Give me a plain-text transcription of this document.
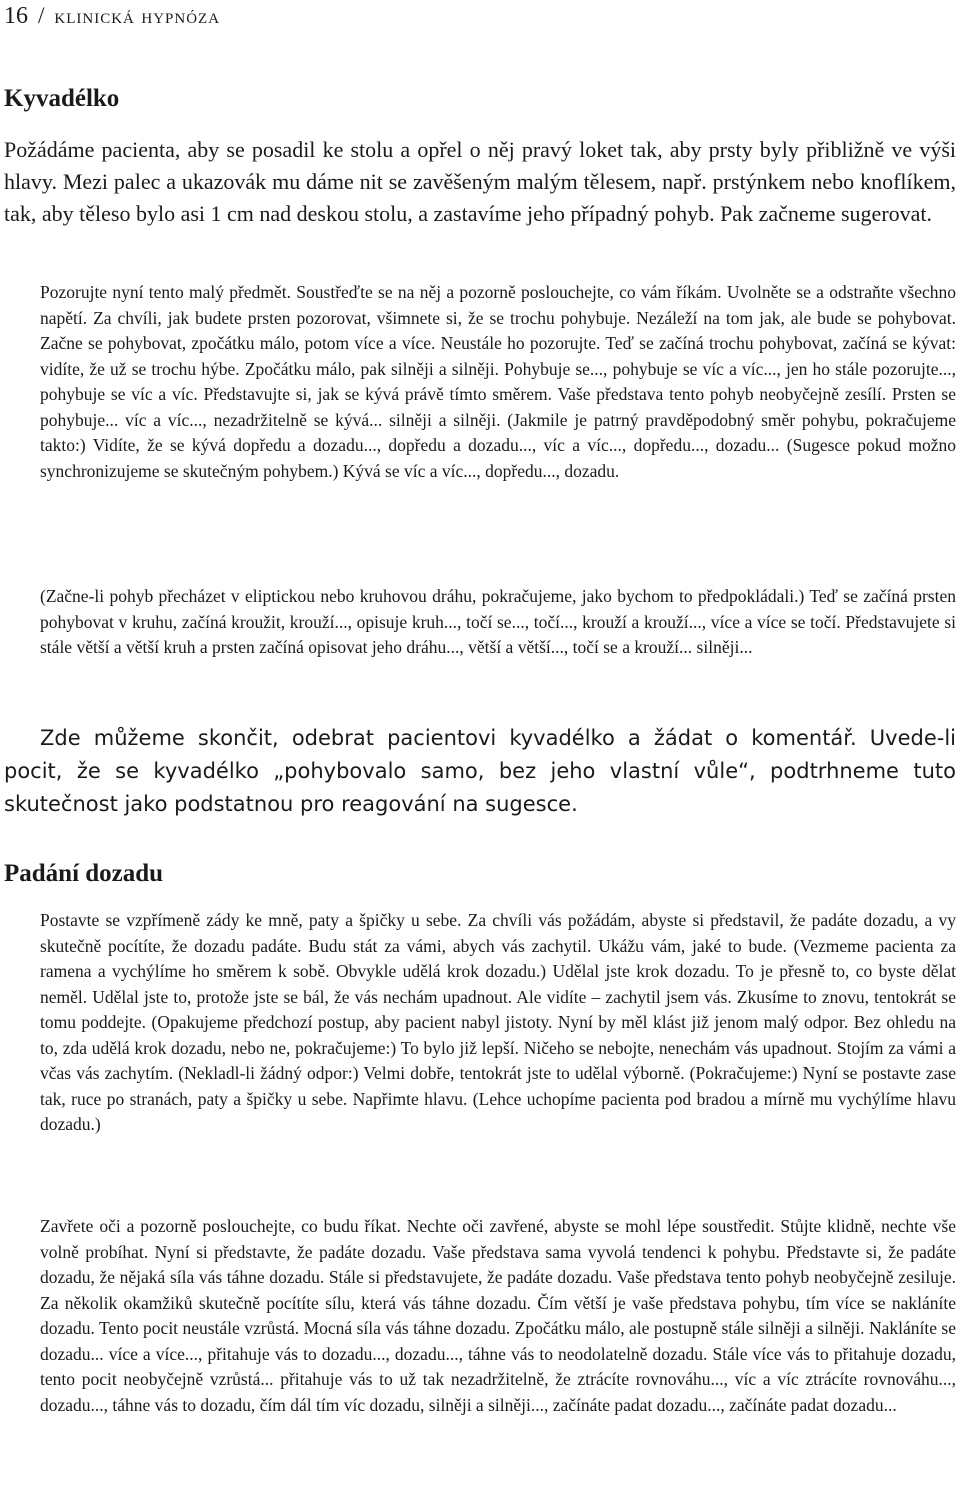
16 / klinická hypnóza
Kyvadélko

Požádáme pacienta, aby se posadil ke stolu a opřel o něj pravý loket tak, aby prsty byly přibližně ve výši hlavy. Mezi palec a ukazovák mu dáme nit se zavěšeným malým tělesem, např. prstýnkem nebo knoflíkem, tak, aby těleso bylo asi 1 cm nad deskou stolu, a zastavíme jeho případný pohyb. Pak začneme sugerovat.

Pozorujte nyní tento malý předmět. Soustřeďte se na něj a pozorně poslouchejte, co vám říkám. Uvolněte se a odstraňte všechno napětí. Za chvíli, jak budete prsten pozorovat, všimnete si, že se trochu pohybuje. Nezáleží na tom jak, ale bude se pohybovat. Začne se pohybovat, zpočátku málo, potom více a více. Neustále ho pozorujte. Teď se začíná trochu pohybovat, začíná se kývat: vidíte, že už se trochu hýbe. Zpočátku málo, pak silněji a silněji. Pohybuje se..., pohybuje se víc a víc..., jen ho stále pozorujte..., pohybuje se víc a víc. Představujte si, jak se kývá právě tímto směrem. Vaše představa tento pohyb neobyčejně zesílí. Prsten se pohybuje... víc a víc..., nezadržitelně se kývá... silněji a silněji. (Jakmile je patrný pravděpodobný směr pohybu, pokračujeme takto:) Vidíte, že se kývá dopředu a dozadu..., dopředu a dozadu..., víc a víc..., dopředu..., dozadu... (Sugesce pokud možno synchronizujeme se skutečným pohybem.) Kývá se víc a víc..., dopředu..., dozadu.

(Začne-li pohyb přecházet v eliptickou nebo kruhovou dráhu, pokračujeme, jako bychom to předpokládali.) Teď se začíná prsten pohybovat v kruhu, začíná kroužit, krouží..., opisuje kruh..., točí se..., točí..., krouží a krouží..., více a více se točí. Představujete si stále větší a větší kruh a prsten začíná opisovat jeho dráhu..., větší a větší..., točí se a krouží... silněji...

Zde můžeme skončit, odebrat pacientovi kyvadélko a žádat o komentář. Uvede-li pocit, že se kyvadélko „pohybovalo samo, bez jeho vlastní vůle“, podtrhneme tuto skutečnost jako podstatnou pro reagování na sugesce.

Padání dozadu

Postavte se vzpřímeně zády ke mně, paty a špičky u sebe. Za chvíli vás požádám, abyste si představil, že padáte dozadu, a vy skutečně pocítíte, že dozadu padáte. Budu stát za vámi, abych vás zachytil. Ukážu vám, jaké to bude. (Vezmeme pacienta za ramena a vychýlíme ho směrem k sobě. Obvykle udělá krok dozadu.) Udělal jste krok dozadu. To je přesně to, co byste dělat neměl. Udělal jste to, protože jste se bál, že vás nechám upadnout. Ale vidíte – zachytil jsem vás. Zkusíme to znovu, tentokrát se tomu poddejte. (Opakujeme předchozí postup, aby pacient nabyl jistoty. Nyní by měl klást již jenom malý odpor. Bez ohledu na to, zda udělá krok dozadu, nebo ne, pokračujeme:) To bylo již lepší. Ničeho se nebojte, nenechám vás upadnout. Stojím za vámi a včas vás zachytím. (Nekladl-li žádný odpor:) Velmi dobře, tentokrát jste to udělal výborně. (Pokračujeme:) Nyní se postavte zase tak, ruce po stranách, paty a špičky u sebe. Napřimte hlavu. (Lehce uchopíme pacienta pod bradou a mírně mu vychýlíme hlavu dozadu.)

Zavřete oči a pozorně poslouchejte, co budu říkat. Nechte oči zavřené, abyste se mohl lépe soustředit. Stůjte klidně, nechte vše volně probíhat. Nyní si představte, že padáte dozadu. Vaše představa sama vyvolá tendenci k pohybu. Představte si, že padáte dozadu, že nějaká síla vás táhne dozadu. Stále si představujete, že padáte dozadu. Vaše představa tento pohyb neobyčejně zesiluje. Za několik okamžiků skutečně pocítíte sílu, která vás táhne dozadu. Čím větší je vaše představa pohybu, tím více se nakláníte dozadu. Tento pocit neustále vzrůstá. Mocná síla vás táhne dozadu. Zpočátku málo, ale postupně stále silněji a silněji. Nakláníte se dozadu... více a více..., přitahuje vás to dozadu..., dozadu..., táhne vás to neodolatelně dozadu. Stále více vás to přitahuje dozadu, tento pocit neobyčejně vzrůstá... přitahuje vás to už tak nezadržitelně, že ztrácíte rovnováhu..., víc a víc ztrácíte rovnováhu..., dozadu..., táhne vás to dozadu, čím dál tím víc dozadu, silněji a silněji..., začínáte padat dozadu..., začínáte padat dozadu...
